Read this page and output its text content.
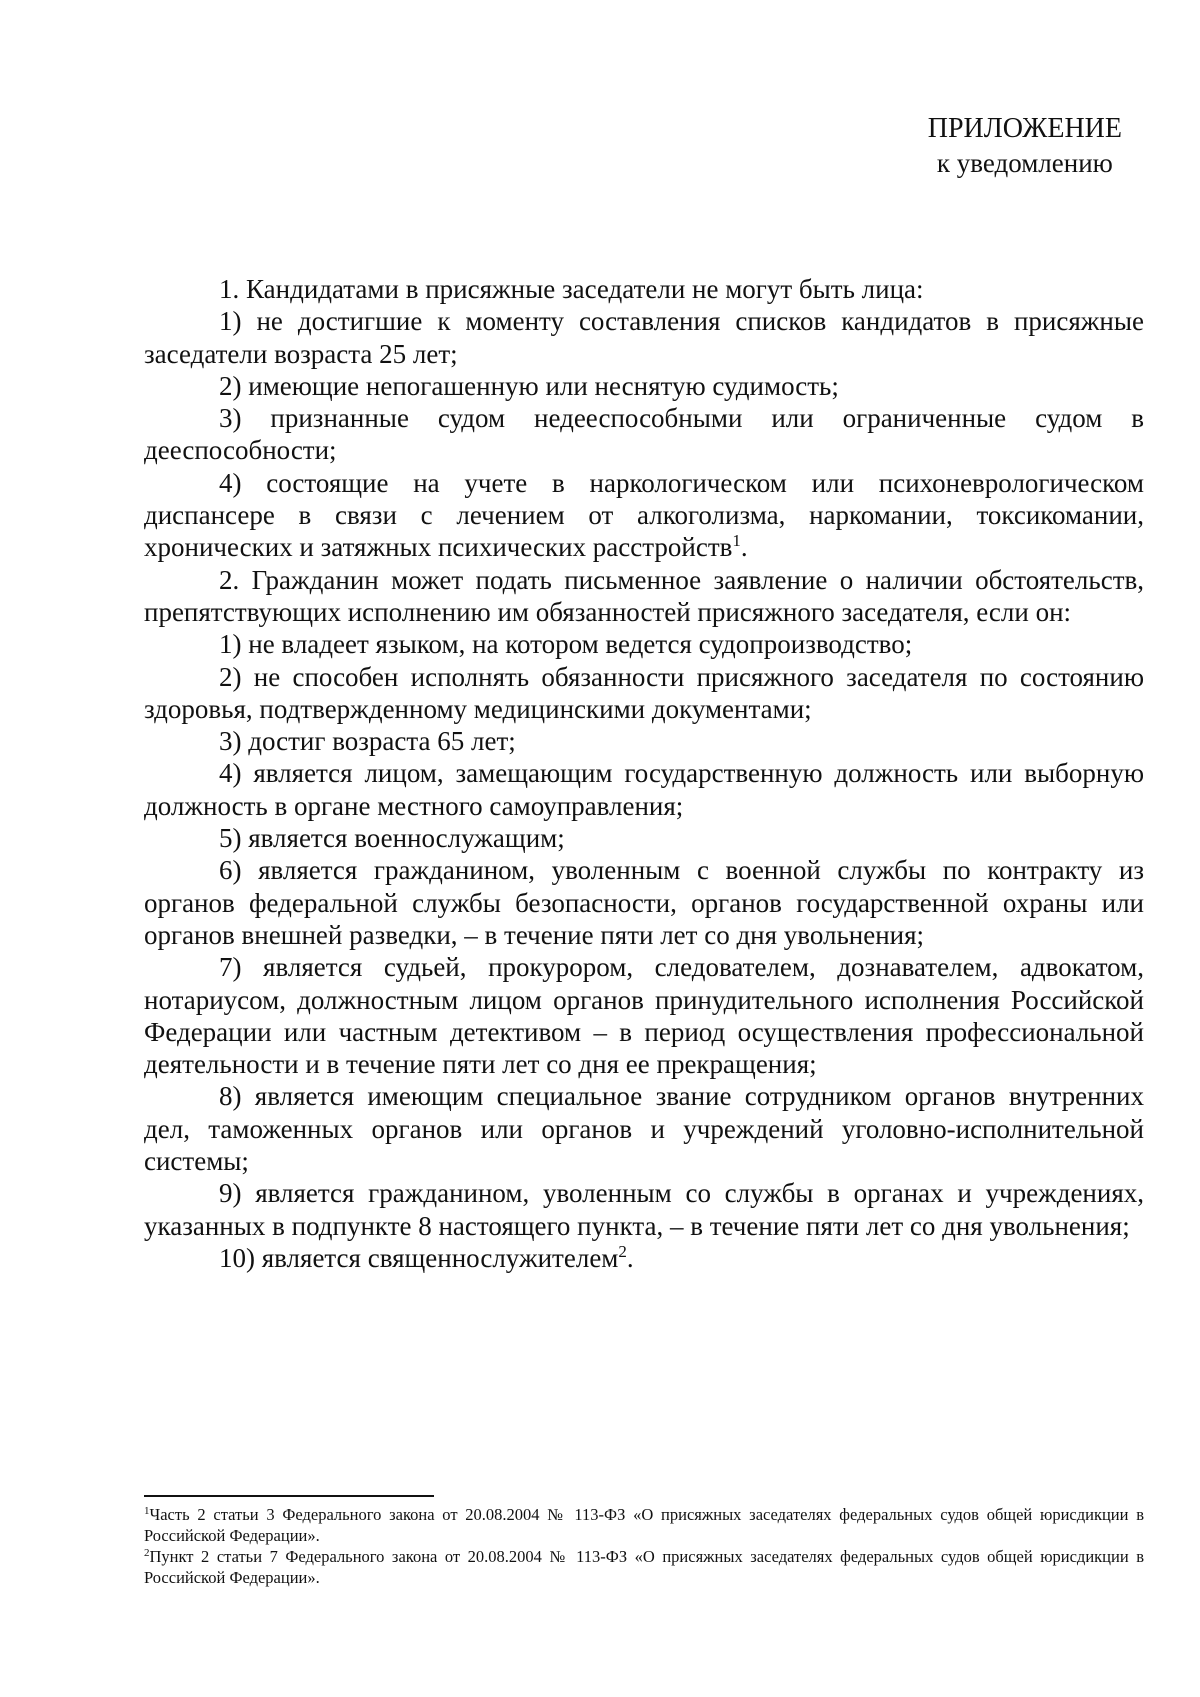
ПРИЛОЖЕНИЕ
к уведомлению

1. Кандидатами в присяжные заседатели не могут быть лица:

1) не достигшие к моменту составления списков кандидатов в присяжные заседатели возраста 25 лет;

2) имеющие непогашенную или неснятую судимость;

3) признанные судом недееспособными или ограниченные судом в дееспособности;

4) состоящие на учете в наркологическом или психоневрологическом диспансере в связи с лечением от алкоголизма, наркомании, токсикомании, хронических и затяжных психических расстройств$^1$.

2. Гражданин может подать письменное заявление о наличии обстоятельств, препятствующих исполнению им обязанностей присяжного заседателя, если он:

1) не владеет языком, на котором ведется судопроизводство;

2) не способен исполнять обязанности присяжного заседателя по состоянию здоровья, подтвержденному медицинскими документами;

3) достиг возраста 65 лет;

4) является лицом, замещающим государственную должность или выборную должность в органе местного самоуправления;

5) является военнослужащим;

6) является гражданином, уволенным с военной службы по контракту из органов федеральной службы безопасности, органов государственной охраны или органов внешней разведки, – в течение пяти лет со дня увольнения;

7) является судьей, прокурором, следователем, дознавателем, адвокатом, нотариусом, должностным лицом органов принудительного исполнения Российской Федерации или частным детективом – в период осуществления профессиональной деятельности и в течение пяти лет со дня ее прекращения;

8) является имеющим специальное звание сотрудником органов внутренних дел, таможенных органов или органов и учреждений уголовно-исполнительной системы;

9) является гражданином, уволенным со службы в органах и учреждениях, указанных в подпункте 8 настоящего пункта, – в течение пяти лет со дня увольнения;

10) является священнослужителем$^2$.

$^1$Часть 2 статьи 3 Федерального закона от 20.08.2004 № 113-ФЗ «О присяжных заседателях федеральных судов общей юрисдикции в Российской Федерации».

$^2$Пункт 2 статьи 7 Федерального закона от 20.08.2004 № 113-ФЗ «О присяжных заседателях федеральных судов общей юрисдикции в Российской Федерации».
